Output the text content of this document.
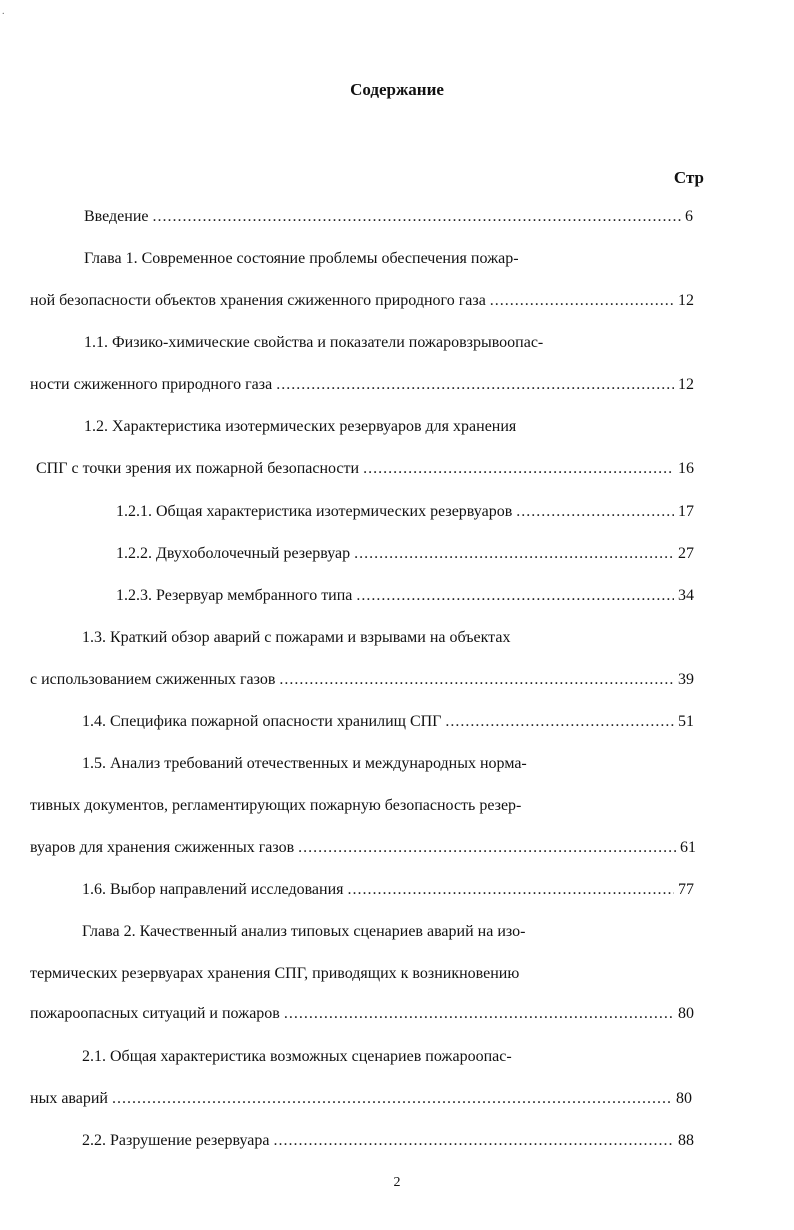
.
Содержание
Стр
Введение .....	6
Глава 1. Современное состояние проблемы обеспечения пожар-
ной безопасности объектов хранения сжиженного природного газа .....	12
1.1. Физико-химические свойства и показатели пожаровзрывоопас-
ности сжиженного природного газа .....	12
1.2. Характеристика изотермических резервуаров для хранения
СПГ с точки зрения их пожарной безопасности .....	16
1.2.1. Общая характеристика изотермических резервуаров .....	17
1.2.2. Двухоболочечный резервуар .....	27
1.2.3. Резервуар мембранного типа .....	34
1.3. Краткий обзор аварий с пожарами и взрывами на объектах
с использованием сжиженных газов .....	39
1.4. Специфика пожарной опасности хранилищ СПГ .....	51
1.5. Анализ требований отечественных и международных норма-
тивных документов, регламентирующих пожарную безопасность резер-
вуаров для хранения сжиженных газов .....	61
1.6. Выбор направлений исследования .....	77
Глава 2. Качественный анализ типовых сценариев аварий на изо-
термических резервуарах хранения СПГ, приводящих к возникновению
пожароопасных ситуаций и пожаров .....	80
2.1. Общая характеристика возможных сценариев пожароопас-
ных аварий .....	80
2.2. Разрушение резервуара .....	88
2
